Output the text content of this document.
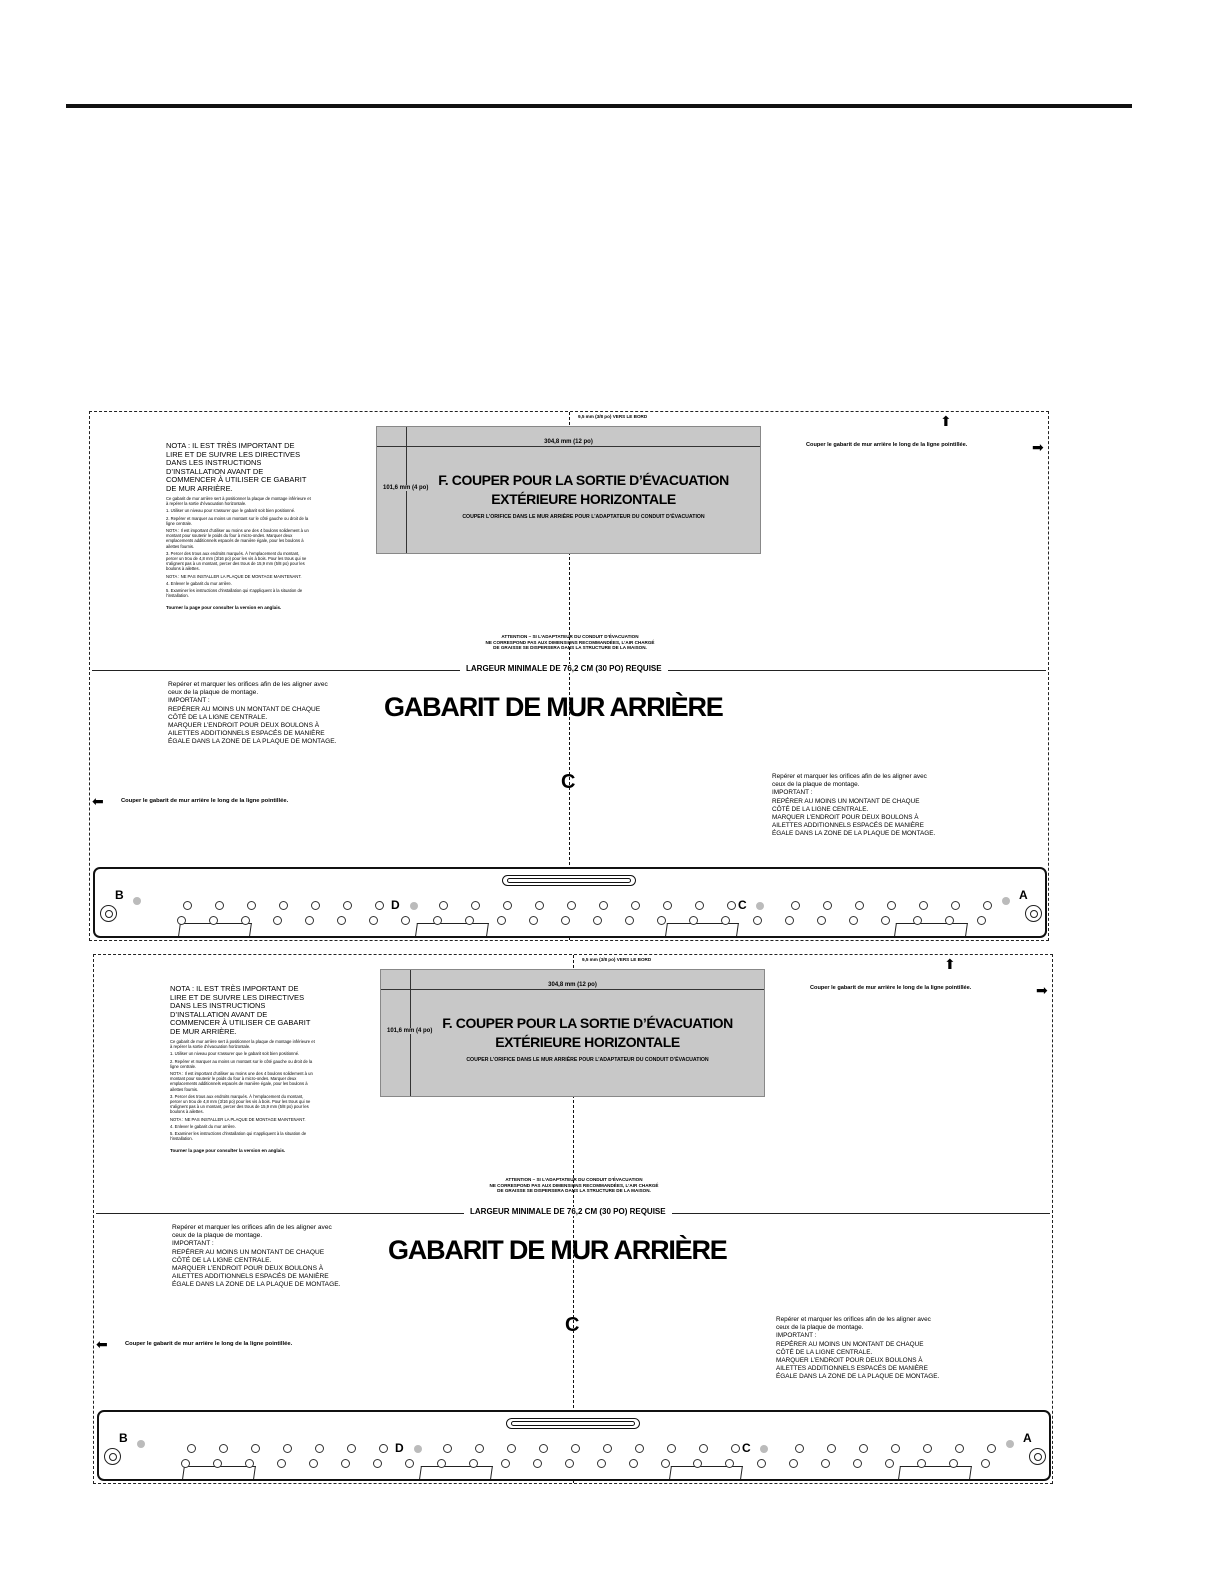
NOTA : IL EST TRÈS IMPORTANT DE LIRE ET DE SUIVRE LES DIRECTIVES DANS LES INSTRUCTIONS D’INSTALLATION AVANT DE COMMENCER À UTILISER CE GABARIT DE MUR ARRIÈRE.

Ce gabarit de mur arrière sert à positionner la plaque de montage inférieure et à repérer la sortie d’évacuation horizontale.

1. Utiliser un niveau pour s’assurer que le gabarit soit bien positionné.

2. Repérer et marquer au moins un montant sur le côté gauche ou droit de la ligne centrale.

NOTA : Il est important d’utiliser au moins une des 4 boulons solidement à un montant pour soutenir le poids du four à micro-ondes. Marquer deux emplacements additionnels espacés de manière égale, pour les boulons à ailettes fournis.

3. Percer des trous aux endroits marqués. À l’emplacement du montant, percer un trou de 4,8 mm (3/16 po) pour les vis à bois. Pour les trous qui ne s’alignent pas à un montant, percer des trous de 15,9 mm (5/8 po) pour les boulons à ailettes.

NOTA : NE PAS INSTALLER LA PLAQUE DE MONTAGE MAINTENANT.

4. Enlever le gabarit du mur arrière.

5. Examiner les instructions d’installation qui s’appliquent à la situation de l’installation.

Tourner la page pour consulter la version en anglais.
9,5 mm (3/8 po) VERS LE BORD
304,8 mm (12 po)
101,6 mm (4 po) F. COUPER POUR LA SORTIE D’ÉVACUATION
EXTÉRIEURE HORIZONTALE
COUPER L’ORIFICE DANS LE MUR ARRIÈRE POUR L’ADAPTATEUR DU CONDUIT D’ÉVACUATION
⬆
Couper le gabarit de mur arrière le long de la ligne pointillée.	➡
ATTENTION – SI L’ADAPTATEUR DU CONDUIT D’ÉVACUATION
NE CORRESPOND PAS AUX DIMENSIONS RECOMMANDÉES, L’AIR CHARGÉ
DE GRAISSE SE DISPERSERA DANS LA STRUCTURE DE LA MAISON.
LARGEUR MINIMALE DE 76,2 CM (30 PO) REQUISE
Repérer et marquer les orifices afin de les aligner avec
ceux de la plaque de montage.
IMPORTANT :
REPÉRER AU MOINS UN MONTANT DE CHAQUE
CÔTÉ DE LA LIGNE CENTRALE.
MARQUER L’ENDROIT POUR DEUX BOULONS À
AILETTES ADDITIONNELS ESPACÉS DE MANIÈRE
ÉGALE DANS LA ZONE DE LA PLAQUE DE MONTAGE.
GABARIT DE MUR ARRIÈRE
C
⬅	Couper le gabarit de mur arrière le long de la ligne pointillée.
Repérer et marquer les orifices afin de les aligner avec
ceux de la plaque de montage.
IMPORTANT :
REPÉRER AU MOINS UN MONTANT DE CHAQUE
CÔTÉ DE LA LIGNE CENTRALE.
MARQUER L’ENDROIT POUR DEUX BOULONS À
AILETTES ADDITIONNELS ESPACÉS DE MANIÈRE
ÉGALE DANS LA ZONE DE LA PLAQUE DE MONTAGE.
B
D	C
A
NOTA : IL EST TRÈS IMPORTANT DE LIRE ET DE SUIVRE LES DIRECTIVES DANS LES INSTRUCTIONS D’INSTALLATION AVANT DE COMMENCER À UTILISER CE GABARIT DE MUR ARRIÈRE.

Ce gabarit de mur arrière sert à positionner la plaque de montage inférieure et à repérer la sortie d’évacuation horizontale.

1. Utiliser un niveau pour s’assurer que le gabarit soit bien positionné.

2. Repérer et marquer au moins un montant sur le côté gauche ou droit de la ligne centrale.

NOTA : Il est important d’utiliser au moins une des 4 boulons solidement à un montant pour soutenir le poids du four à micro-ondes. Marquer deux emplacements additionnels espacés de manière égale, pour les boulons à ailettes fournis.

3. Percer des trous aux endroits marqués. À l’emplacement du montant, percer un trou de 4,8 mm (3/16 po) pour les vis à bois. Pour les trous qui ne s’alignent pas à un montant, percer des trous de 15,9 mm (5/8 po) pour les boulons à ailettes.

NOTA : NE PAS INSTALLER LA PLAQUE DE MONTAGE MAINTENANT.

4. Enlever le gabarit du mur arrière.

5. Examiner les instructions d’installation qui s’appliquent à la situation de l’installation.

Tourner la page pour consulter la version en anglais.
9,5 mm (3/8 po) VERS LE BORD
304,8 mm (12 po)
101,6 mm (4 po) F. COUPER POUR LA SORTIE D’ÉVACUATION
EXTÉRIEURE HORIZONTALE
COUPER L’ORIFICE DANS LE MUR ARRIÈRE POUR L’ADAPTATEUR DU CONDUIT D’ÉVACUATION
⬆
Couper le gabarit de mur arrière le long de la ligne pointillée.	➡
ATTENTION – SI L’ADAPTATEUR DU CONDUIT D’ÉVACUATION
NE CORRESPOND PAS AUX DIMENSIONS RECOMMANDÉES, L’AIR CHARGÉ
DE GRAISSE SE DISPERSERA DANS LA STRUCTURE DE LA MAISON.
LARGEUR MINIMALE DE 76,2 CM (30 PO) REQUISE
Repérer et marquer les orifices afin de les aligner avec
ceux de la plaque de montage.
IMPORTANT :
REPÉRER AU MOINS UN MONTANT DE CHAQUE
CÔTÉ DE LA LIGNE CENTRALE.
MARQUER L’ENDROIT POUR DEUX BOULONS À
AILETTES ADDITIONNELS ESPACÉS DE MANIÈRE
ÉGALE DANS LA ZONE DE LA PLAQUE DE MONTAGE.
GABARIT DE MUR ARRIÈRE
C
⬅	Couper le gabarit de mur arrière le long de la ligne pointillée.
Repérer et marquer les orifices afin de les aligner avec
ceux de la plaque de montage.
IMPORTANT :
REPÉRER AU MOINS UN MONTANT DE CHAQUE
CÔTÉ DE LA LIGNE CENTRALE.
MARQUER L’ENDROIT POUR DEUX BOULONS À
AILETTES ADDITIONNELS ESPACÉS DE MANIÈRE
ÉGALE DANS LA ZONE DE LA PLAQUE DE MONTAGE.
B
D	C
A
